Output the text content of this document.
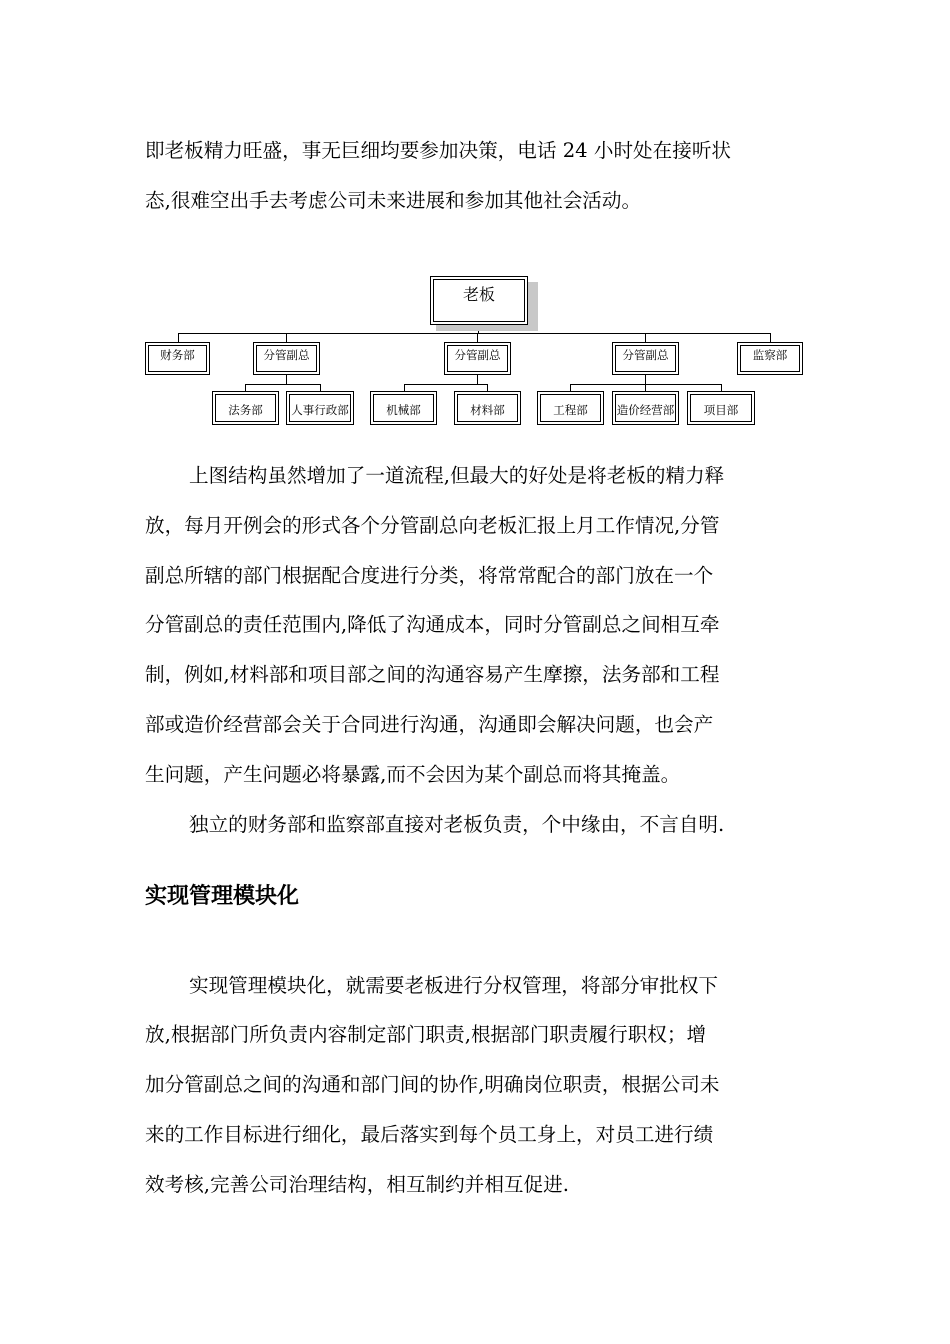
即老板精力旺盛，事无巨细均要参加决策，电话 24 小时处在接听状
态,很难空出手去考虑公司未来进展和参加其他社会活动。
老板
财务部	分管副总	分管副总	分管副总	监察部
法务部	人事行政部	机械部	材料部	工程部	造价经营部	项目部
上图结构虽然增加了一道流程,但最大的好处是将老板的精力释
放，每月开例会的形式各个分管副总向老板汇报上月工作情况,分管
副总所辖的部门根据配合度进行分类，将常常配合的部门放在一个
分管副总的责任范围内,降低了沟通成本，同时分管副总之间相互牵
制，例如,材料部和项目部之间的沟通容易产生摩擦，法务部和工程
部或造价经营部会关于合同进行沟通，沟通即会解决问题，也会产
生问题，产生问题必将暴露,而不会因为某个副总而将其掩盖。
独立的财务部和监察部直接对老板负责，个中缘由，不言自明.
实现管理模块化
实现管理模块化，就需要老板进行分权管理，将部分审批权下
放,根据部门所负责内容制定部门职责,根据部门职责履行职权；增
加分管副总之间的沟通和部门间的协作,明确岗位职责，根据公司未
来的工作目标进行细化，最后落实到每个员工身上，对员工进行绩
效考核,完善公司治理结构，相互制约并相互促进.
